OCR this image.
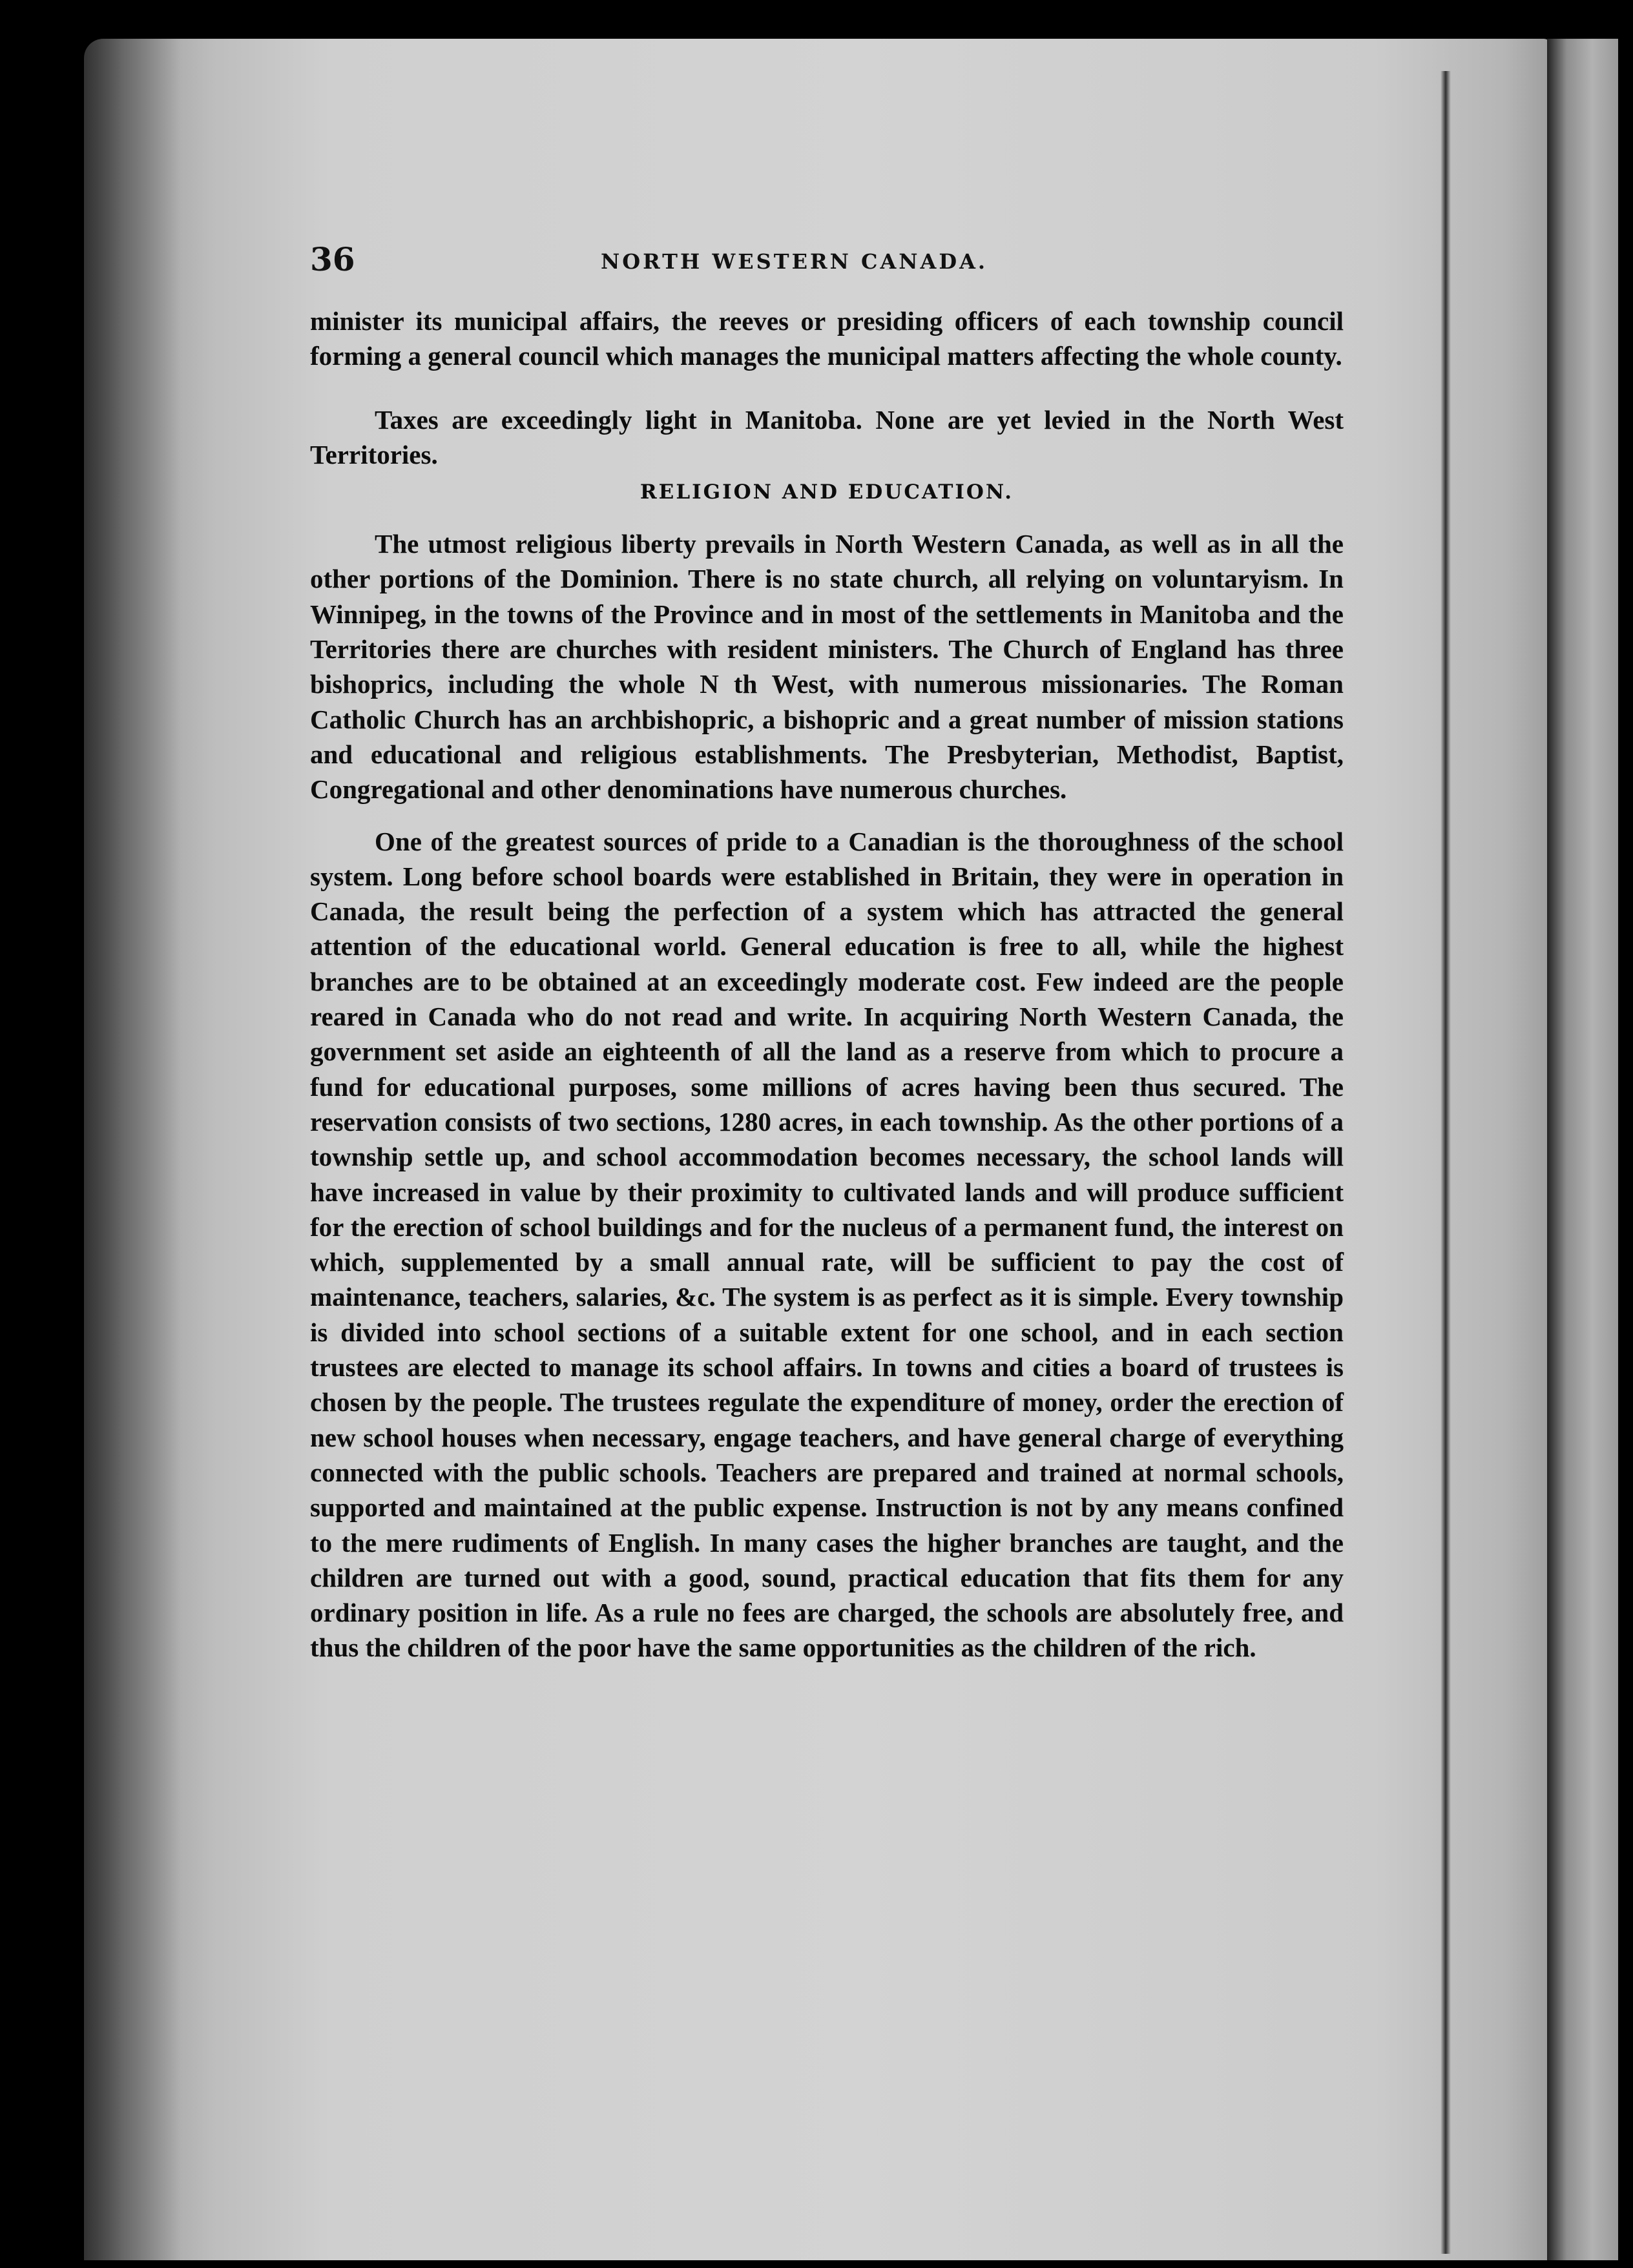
36	NORTH WESTERN CANADA.

minister its municipal affairs, the reeves or presiding officers of each township council forming a general council which manages the municipal matters affecting the whole county.

Taxes are exceedingly light in Manitoba. None are yet levied in the North West Territories.

RELIGION AND EDUCATION.

The utmost religious liberty prevails in North Western Canada, as well as in all the other portions of the Dominion. There is no state church, all relying on voluntaryism. In Winnipeg, in the towns of the Province and in most of the settlements in Manitoba and the Territories there are churches with resident ministers. The Church of England has three bishoprics, including the whole N th West, with numerous missionaries. The Roman Catholic Church has an archbishopric, a bishopric and a great number of mission stations and educational and religious establishments. The Presbyterian, Methodist, Baptist, Congregational and other denominations have numerous churches.

One of the greatest sources of pride to a Canadian is the thoroughness of the school system. Long before school boards were established in Britain, they were in operation in Canada, the result being the perfection of a system which has attracted the general attention of the educational world. General education is free to all, while the highest branches are to be obtained at an exceedingly moderate cost. Few indeed are the people reared in Canada who do not read and write. In acquiring North Western Canada, the government set aside an eighteenth of all the land as a reserve from which to procure a fund for educational purposes, some millions of acres having been thus secured. The reservation consists of two sections, 1280 acres, in each township. As the other portions of a township settle up, and school accommodation becomes necessary, the school lands will have increased in value by their proximity to cultivated lands and will produce sufficient for the erection of school buildings and for the nucleus of a permanent fund, the interest on which, supplemented by a small annual rate, will be sufficient to pay the cost of maintenance, teachers, salaries, &c. The system is as perfect as it is simple. Every township is divided into school sections of a suitable extent for one school, and in each section trustees are elected to manage its school affairs. In towns and cities a board of trustees is chosen by the people. The trustees regulate the expenditure of money, order the erection of new school houses when necessary, engage teachers, and have general charge of everything connected with the public schools. Teachers are prepared and trained at normal schools, supported and maintained at the public expense. Instruction is not by any means confined to the mere rudiments of English. In many cases the higher branches are taught, and the children are turned out with a good, sound, practical education that fits them for any ordinary position in life. As a rule no fees are charged, the schools are absolutely free, and thus the children of the poor have the same opportunities as the children of the rich.
